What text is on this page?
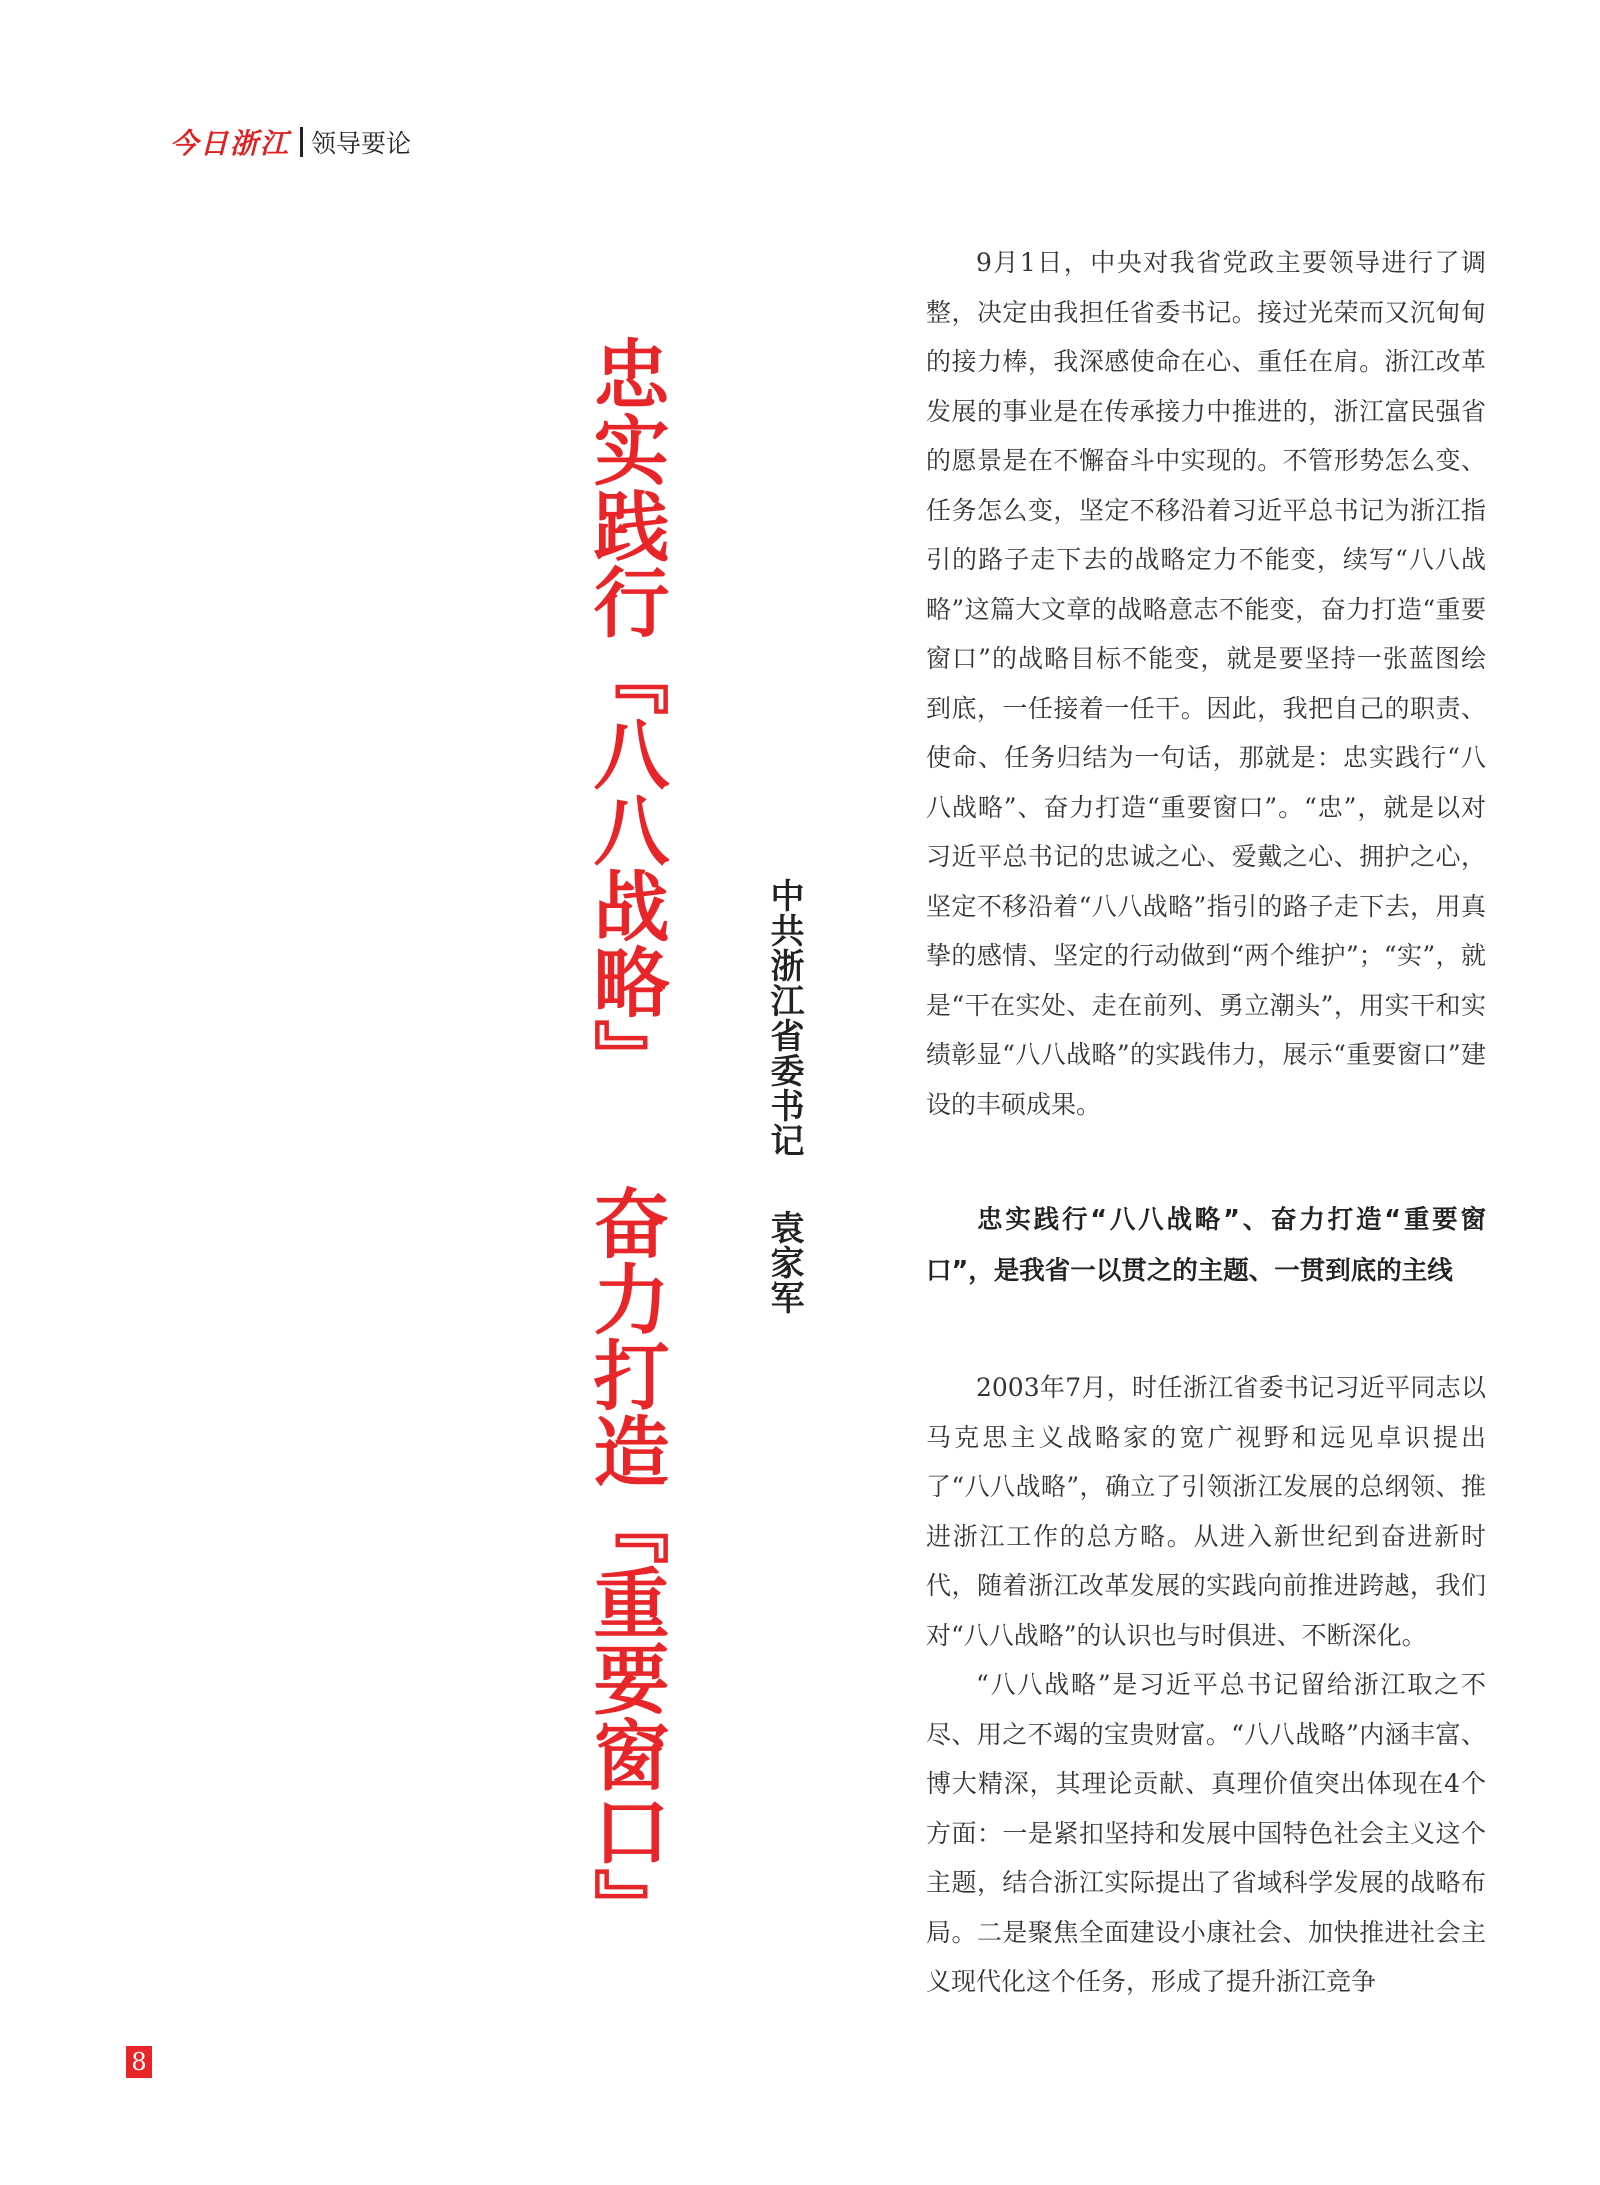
今日浙江 领导要论
忠实践行『八八战略』 奋力打造『重要窗口』	中共浙江省委书记袁家军

9月1日，中央对我省党政主要领导进行了调整，决定由我担任省委书记。接过光荣而又沉甸甸的接力棒，我深感使命在心、重任在肩。浙江改革发展的事业是在传承接力中推进的，浙江富民强省的愿景是在不懈奋斗中实现的。不管形势怎么变、任务怎么变，坚定不移沿着习近平总书记为浙江指引的路子走下去的战略定力不能变，续写“八八战略”这篇大文章的战略意志不能变，奋力打造“重要窗口”的战略目标不能变，就是要坚持一张蓝图绘到底，一任接着一任干。因此，我把自己的职责、使命、任务归结为一句话，那就是：忠实践行“八八战略”、奋力打造“重要窗口”。“忠”，就是以对习近平总书记的忠诚之心、爱戴之心、拥护之心，坚定不移沿着“八八战略”指引的路子走下去，用真挚的感情、坚定的行动做到“两个维护”；“实”，就是“干在实处、走在前列、勇立潮头”，用实干和实绩彰显“八八战略”的实践伟力，展示“重要窗口”建设的丰硕成果。

忠实践行“八八战略”、奋力打造“重要窗口”，是我省一以贯之的主题、一贯到底的主线

2003年7月，时任浙江省委书记习近平同志以马克思主义战略家的宽广视野和远见卓识提出了“八八战略”，确立了引领浙江发展的总纲领、推进浙江工作的总方略。从进入新世纪到奋进新时代，随着浙江改革发展的实践向前推进跨越，我们对“八八战略”的认识也与时俱进、不断深化。

“八八战略”是习近平总书记留给浙江取之不尽、用之不竭的宝贵财富。“八八战略”内涵丰富、博大精深，其理论贡献、真理价值突出体现在4个方面：一是紧扣坚持和发展中国特色社会主义这个主题，结合浙江实际提出了省域科学发展的战略布局。二是聚焦全面建设小康社会、加快推进社会主义现代化这个任务，形成了提升浙江竞争

8
